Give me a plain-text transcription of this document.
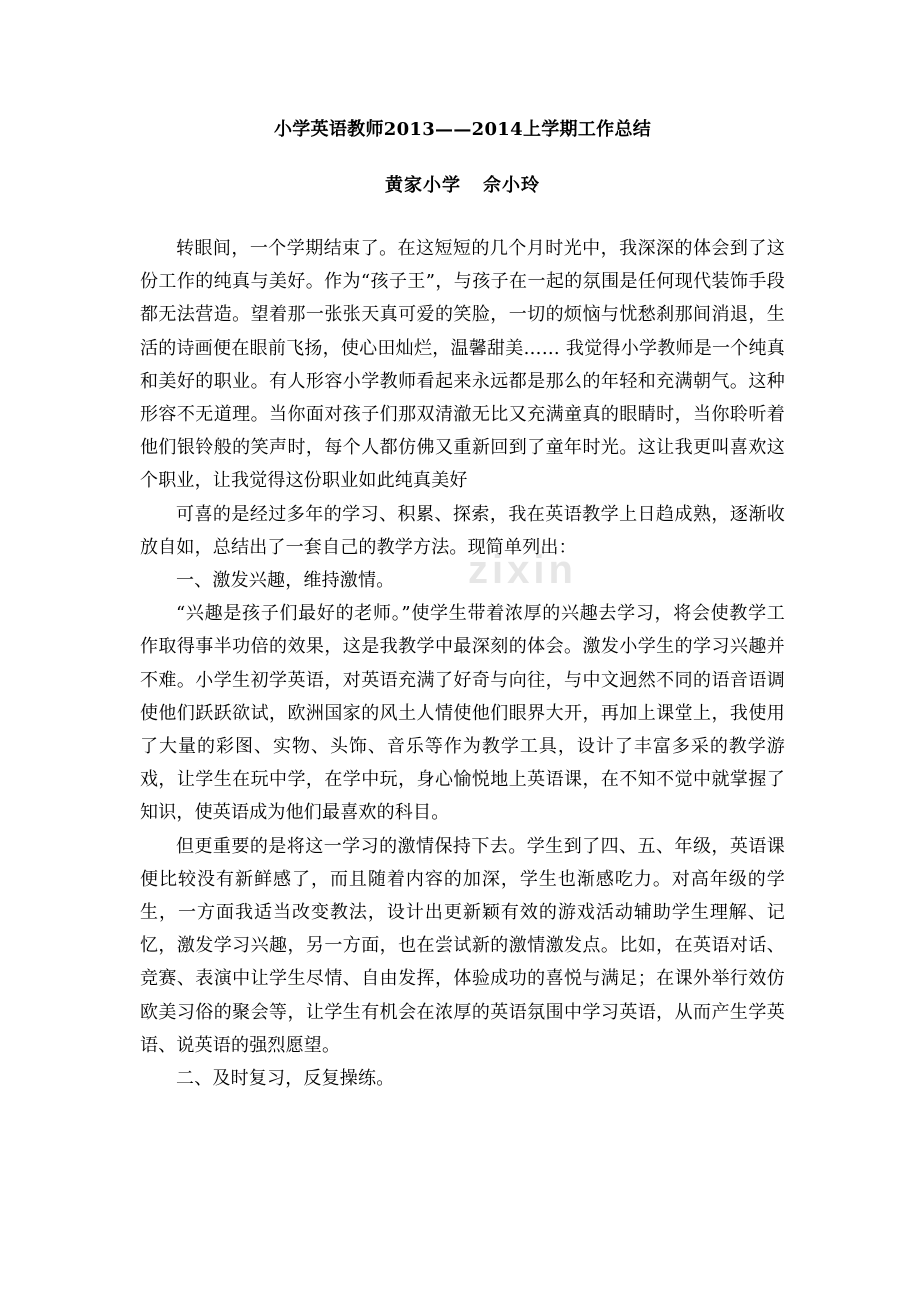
zixin
小学英语教师2013——2014上学期工作总结
黄家小学 佘小玲

转眼间，一个学期结束了。在这短短的几个月时光中，我深深的体会到了这份工作的纯真与美好。作为“孩子王”，与孩子在一起的氛围是任何现代装饰手段都无法营造。望着那一张张天真可爱的笑脸，一切的烦恼与忧愁刹那间消退，生活的诗画便在眼前飞扬，使心田灿烂，温馨甜美…… 我觉得小学教师是一个纯真和美好的职业。有人形容小学教师看起来永远都是那么的年轻和充满朝气。这种形容不无道理。当你面对孩子们那双清澈无比又充满童真的眼睛时，当你聆听着他们银铃般的笑声时，每个人都仿佛又重新回到了童年时光。这让我更叫喜欢这个职业，让我觉得这份职业如此纯真美好

可喜的是经过多年的学习、积累、探索，我在英语教学上日趋成熟，逐渐收放自如，总结出了一套自己的教学方法。现简单列出：

一、激发兴趣，维持激情。

“兴趣是孩子们最好的老师。”使学生带着浓厚的兴趣去学习，将会使教学工作取得事半功倍的效果，这是我教学中最深刻的体会。激发小学生的学习兴趣并不难。小学生初学英语，对英语充满了好奇与向往，与中文迥然不同的语音语调使他们跃跃欲试，欧洲国家的风土人情使他们眼界大开，再加上课堂上，我使用了大量的彩图、实物、头饰、音乐等作为教学工具，设计了丰富多采的教学游戏，让学生在玩中学，在学中玩，身心愉悦地上英语课，在不知不觉中就掌握了知识，使英语成为他们最喜欢的科目。

但更重要的是将这一学习的激情保持下去。学生到了四、五、年级，英语课便比较没有新鲜感了，而且随着内容的加深，学生也渐感吃力。对高年级的学生，一方面我适当改变教法，设计出更新颖有效的游戏活动辅助学生理解、记忆，激发学习兴趣，另一方面，也在尝试新的激情激发点。比如，在英语对话、竞赛、表演中让学生尽情、自由发挥，体验成功的喜悦与满足；在课外举行效仿欧美习俗的聚会等，让学生有机会在浓厚的英语氛围中学习英语，从而产生学英语、说英语的强烈愿望。

二、及时复习，反复操练。
